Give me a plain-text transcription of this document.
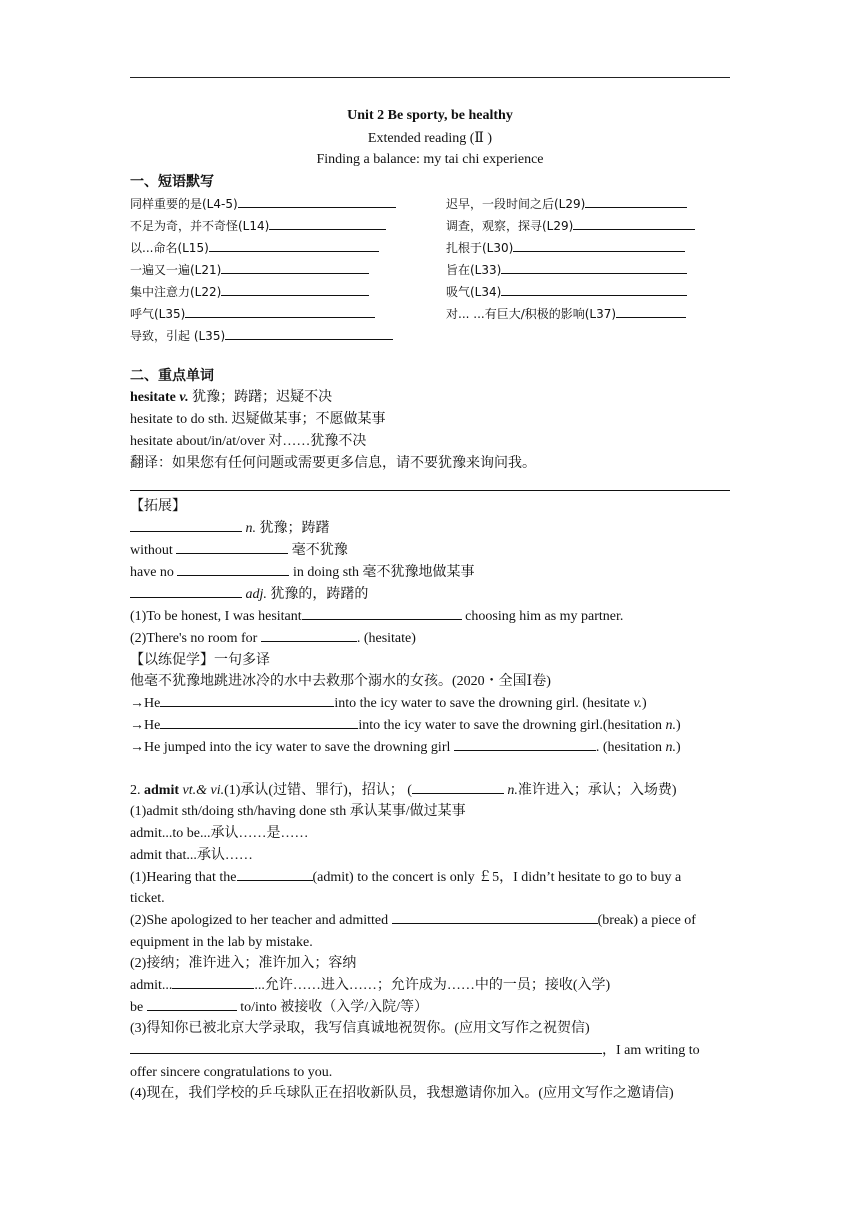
Unit 2 Be sporty, be healthy
Extended reading (Ⅱ )
Finding a balance: my tai chi experience
一、短语默写
同样重要的是(L4-5)
不足为奇，并不奇怪(L14)
以...命名(L15)
一遍又一遍(L21)
集中注意力(L22)
呼气(L35)
导致，引起 (L35)
迟早，一段时间之后(L29)
调查，观察，探寻(L29)
扎根于(L30)
旨在(L33)
吸气(L34)
对... ...有巨大/积极的影响(L37)
二、重点单词
hesitate v. 犹豫；踌躇；迟疑不决
hesitate to do sth. 迟疑做某事；不愿做某事
hesitate about/in/at/over 对……犹豫不决
翻译：如果您有任何问题或需要更多信息，请不要犹豫来询问我。
【拓展】
n. 犹豫；踌躇
without	毫不犹豫
have no	in doing sth 毫不犹豫地做某事
adj. 犹豫的，踌躇的
(1)To be honest, I was hesitant	choosing him as my partner.
(2)There's no room for	. (hesitate)
【以练促学】一句多译
他毫不犹豫地跳进冰冷的水中去救那个溺水的女孩。(2020・全国Ⅰ卷)
→He	into the icy water to save the drowning girl. (hesitate v.)
→He	into the icy water to save the drowning girl.(hesitation n.)
→He jumped into the icy water to save the drowning girl	. (hesitation n.)
2. admit vt.& vi.(1)承认(过错、罪行)，招认； (	n.准许进入；承认；入场费)
(1)admit sth/doing sth/having done sth 承认某事/做过某事
admit...to be...承认……是……
admit that...承认……
(1)Hearing that the	(admit) to the concert is only ￡5，I didn’t hesitate to go to buy a
ticket.
(2)She apologized to her teacher and admitted	(break) a piece of
equipment in the lab by mistake.
(2)接纳；准许进入；准许加入；容纳
admit...	...允许……进入……；允许成为……中的一员；接收(入学)
be	to/into 被接收（入学/入院/等）
(3)得知你已被北京大学录取，我写信真诚地祝贺你。(应用文写作之祝贺信)
，I am writing to
offer sincere congratulations to you.
(4)现在，我们学校的乒乓球队正在招收新队员，我想邀请你加入。(应用文写作之邀请信)
